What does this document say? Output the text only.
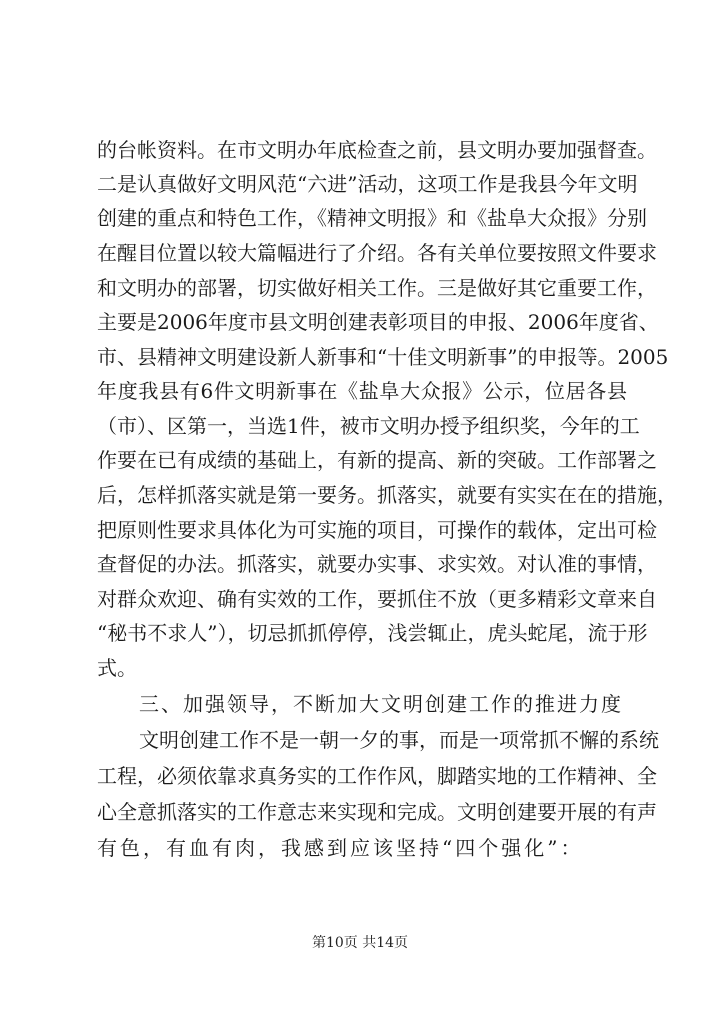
的台帐资料。在市文明办年底检查之前，县文明办要加强督查。
二是认真做好文明风范“六进”活动，这项工作是我县今年文明
创建的重点和特色工作，《精神文明报》和《盐阜大众报》分别
在醒目位置以较大篇幅进行了介绍。各有关单位要按照文件要求
和文明办的部署，切实做好相关工作。三是做好其它重要工作，
主要是2006年度市县文明创建表彰项目的申报、2006年度省、
市、县精神文明建设新人新事和“十佳文明新事”的申报等。2005
年度我县有6件文明新事在《盐阜大众报》公示，位居各县
（市）、区第一，当选1件，被市文明办授予组织奖，今年的工
作要在已有成绩的基础上，有新的提高、新的突破。工作部署之
后，怎样抓落实就是第一要务。抓落实，就要有实实在在的措施，
把原则性要求具体化为可实施的项目，可操作的载体，定出可检
查督促的办法。抓落实，就要办实事、求实效。对认准的事情，
对群众欢迎、确有实效的工作，要抓住不放（更多精彩文章来自
“秘书不求人”），切忌抓抓停停，浅尝辄止，虎头蛇尾，流于形
式。
三、加强领导，不断加大文明创建工作的推进力度
文明创建工作不是一朝一夕的事，而是一项常抓不懈的系统
工程，必须依靠求真务实的工作作风，脚踏实地的工作精神、全
心全意抓落实的工作意志来实现和完成。文明创建要开展的有声
有色，有血有肉，我感到应该坚持“四个强化”：
第10页 共14页
